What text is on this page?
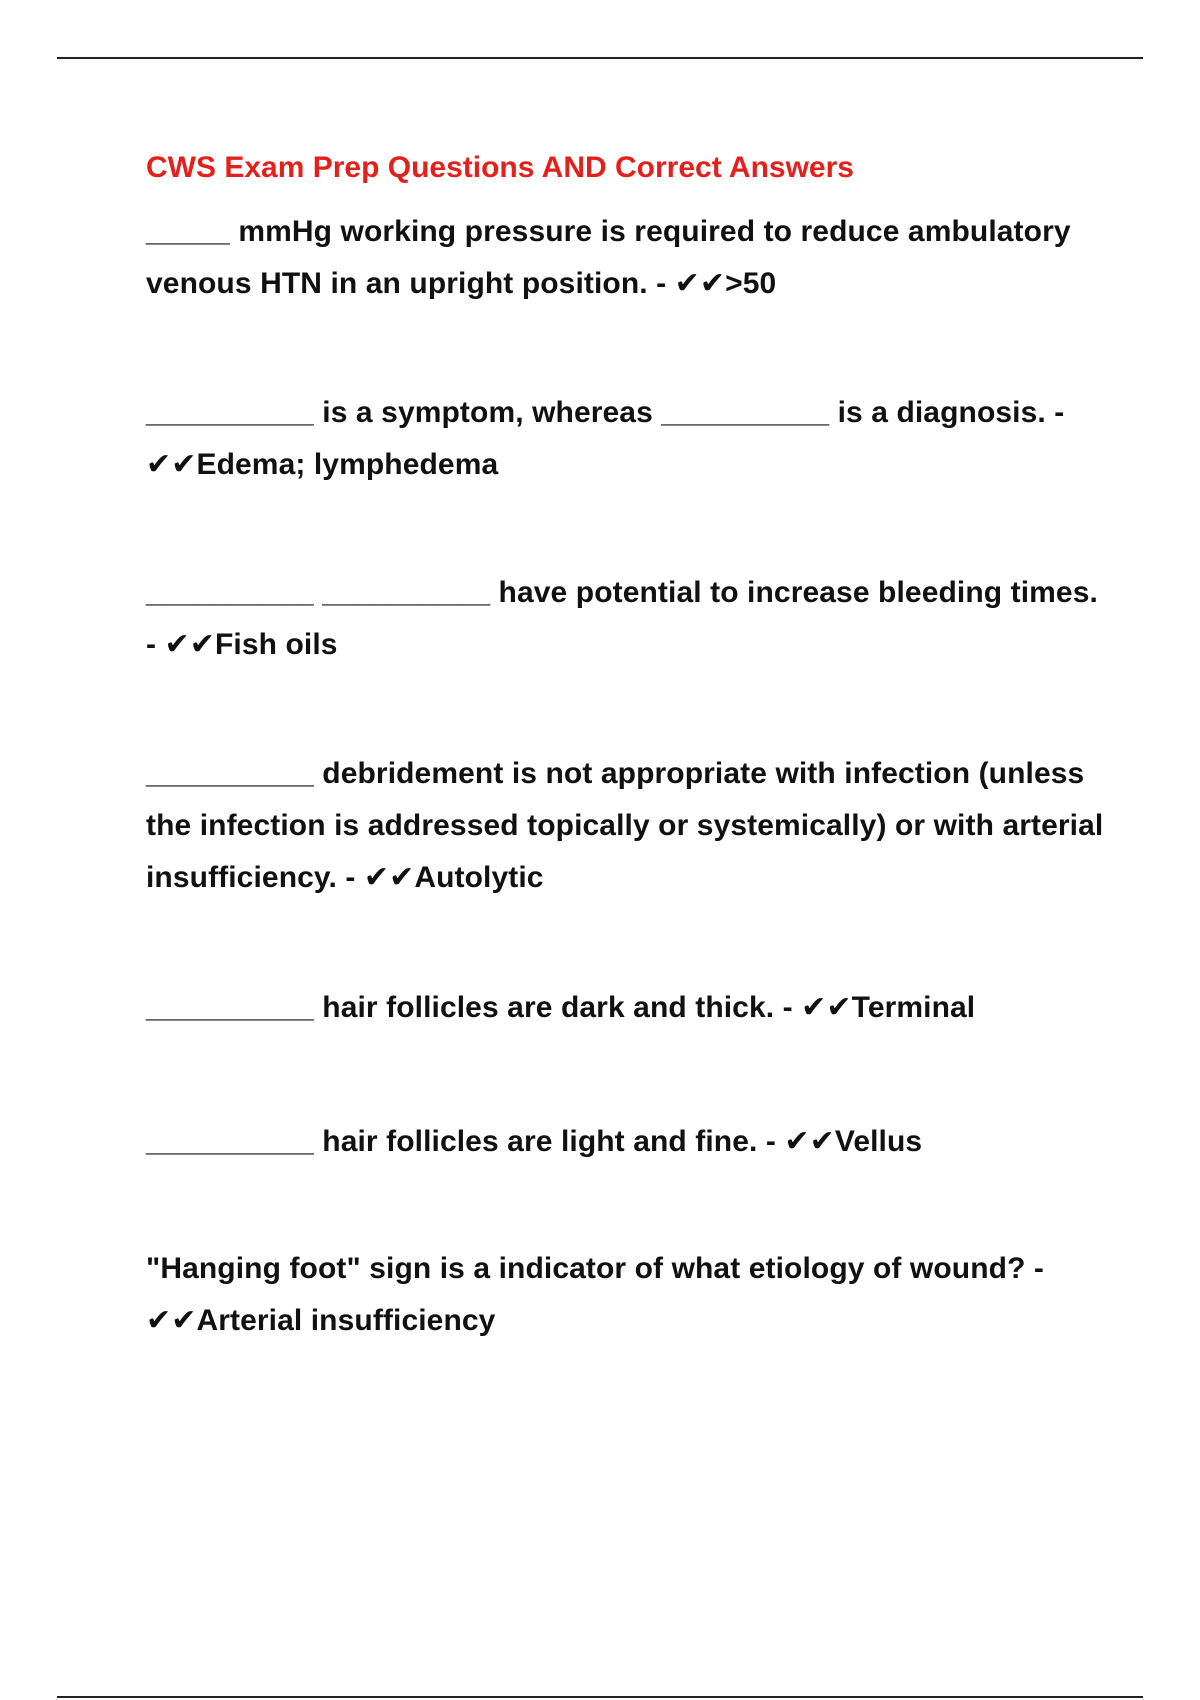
CWS Exam Prep Questions AND Correct Answers
_____ mmHg working pressure is required to reduce ambulatory venous HTN in an upright position. - ✔✔>50
__________ is a symptom, whereas __________ is a diagnosis. - ✔✔Edema; lymphedema
__________ __________ have potential to increase bleeding times. - ✔✔Fish oils
__________ debridement is not appropriate with infection (unless the infection is addressed topically or systemically) or with arterial insufficiency. - ✔✔Autolytic
__________ hair follicles are dark and thick. - ✔✔Terminal
__________ hair follicles are light and fine. - ✔✔Vellus
"Hanging foot" sign is a indicator of what etiology of wound? - ✔✔Arterial insufficiency
